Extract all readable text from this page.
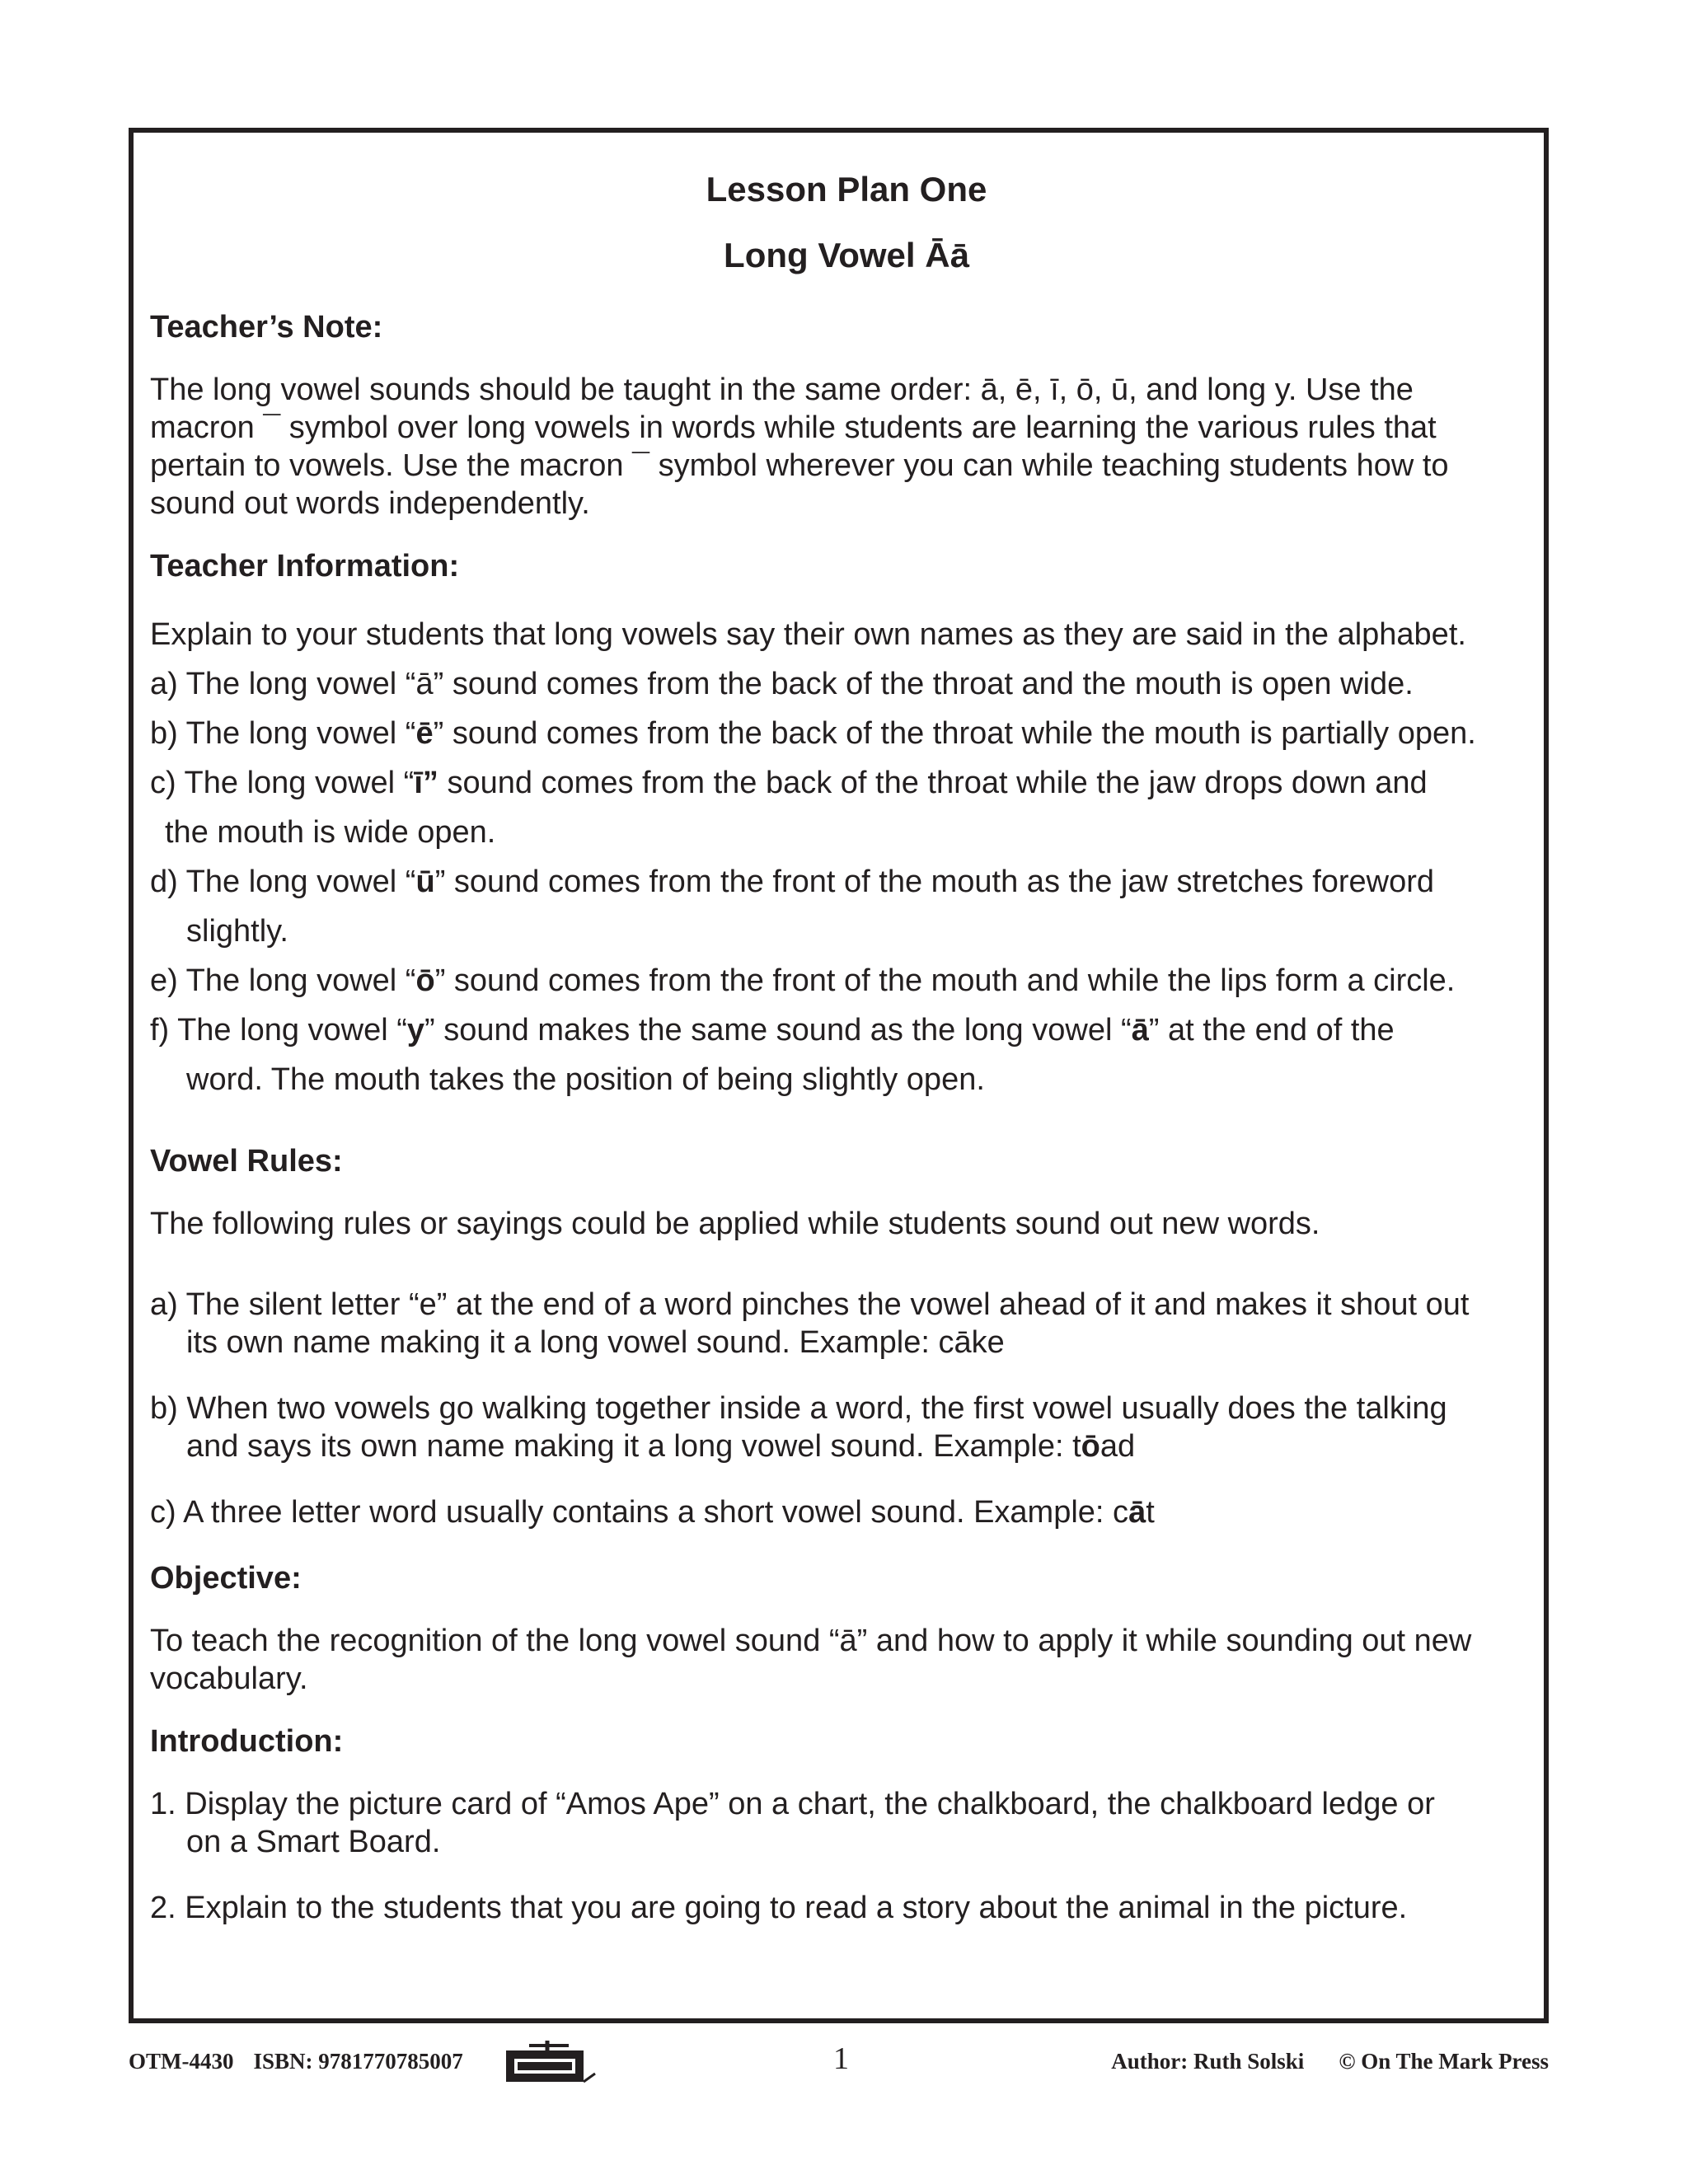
Lesson Plan One
Long Vowel Āā
Teacher’s Note:
The long vowel sounds should be taught in the same order: ā, ē, ī, ō, ū, and long y. Use the
macron ¯ symbol over long vowels in words while students are learning the various rules that
pertain to vowels. Use the macron ¯ symbol wherever you can while teaching students how to
sound out words independently.
Teacher Information:
Explain to your students that long vowels say their own names as they are said in the alphabet.
a) The long vowel “ā” sound comes from the back of the throat and the mouth is open wide.
b) The long vowel “ē” sound comes from the back of the throat while the mouth is partially open.
c) The long vowel “ī” sound comes from the back of the throat while the jaw drops down and
the mouth is wide open.
d) The long vowel “ū” sound comes from the front of the mouth as the jaw stretches foreword
slightly.
e) The long vowel “ō” sound comes from the front of the mouth and while the lips form a circle.
f) The long vowel “y” sound makes the same sound as the long vowel “ā” at the end of the
word. The mouth takes the position of being slightly open.
Vowel Rules:
The following rules or sayings could be applied while students sound out new words.
a) The silent letter “e” at the end of a word pinches the vowel ahead of it and makes it shout out
its own name making it a long vowel sound. Example: cāke
b) When two vowels go walking together inside a word, the first vowel usually does the talking
and says its own name making it a long vowel sound. Example: tōad
c) A three letter word usually contains a short vowel sound. Example: cāt
Objective:
To teach the recognition of the long vowel sound “ā” and how to apply it while sounding out new
vocabulary.
Introduction:
1. Display the picture card of “Amos Ape” on a chart, the chalkboard, the chalkboard ledge or
on a Smart Board.
2. Explain to the students that you are going to read a story about the animal in the picture.
OTM-4430 ISBN: 9781770785007	1	Author: Ruth Solski © On The Mark Press
